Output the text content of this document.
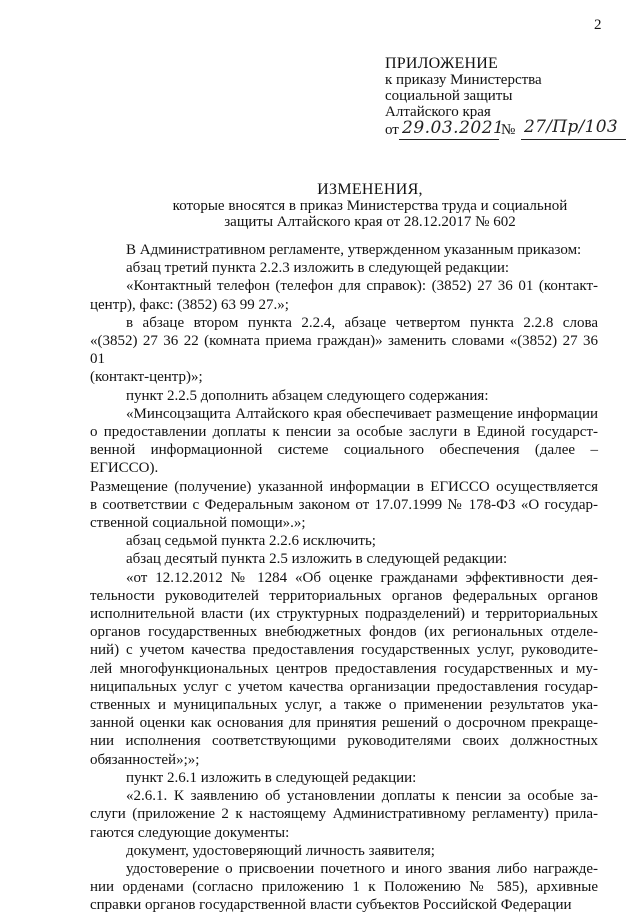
2
ПРИЛОЖЕНИЕ
к приказу Министерства
социальной защиты
Алтайского края
от 29.03.2021
№ 27/Пр/103
ИЗМЕНЕНИЯ,
которые вносятся в приказ Министерства труда и социальной
защиты Алтайского края от 28.12.2017 № 602
В Административном регламенте, утвержденном указанным приказом:
абзац третий пункта 2.2.3 изложить в следующей редакции:
«Контактный телефон (телефон для справок): (3852) 27 36 01 (контакт-
центр), факс: (3852) 63 99 27.»;
в абзаце втором пункта 2.2.4, абзаце четвертом пункта 2.2.8 слова
«(3852) 27 36 22 (комната приема граждан)» заменить словами «(3852) 27 36 01
(контакт-центр)»;
пункт 2.2.5 дополнить абзацем следующего содержания:
«Минсоцзащита Алтайского края обеспечивает размещение информации
о предоставлении доплаты к пенсии за особые заслуги в Единой государст-
венной информационной системе социального обеспечения (далее – ЕГИССО).
Размещение (получение) указанной информации в ЕГИССО осуществляется
в соответствии с Федеральным законом от 17.07.1999 № 178-ФЗ «О государ-
ственной социальной помощи».»;
абзац седьмой пункта 2.2.6 исключить;
абзац десятый пункта 2.5 изложить в следующей редакции:
«от 12.12.2012 № 1284 «Об оценке гражданами эффективности дея-
тельности руководителей территориальных органов федеральных органов
исполнительной власти (их структурных подразделений) и территориальных
органов государственных внебюджетных фондов (их региональных отделе-
ний) с учетом качества предоставления государственных услуг, руководите-
лей многофункциональных центров предоставления государственных и му-
ниципальных услуг с учетом качества организации предоставления государ-
ственных и муниципальных услуг, а также о применении результатов ука-
занной оценки как основания для принятия решений о досрочном прекраще-
нии исполнения соответствующими руководителями своих должностных
обязанностей»;»;
пункт 2.6.1 изложить в следующей редакции:
«2.6.1. К заявлению об установлении доплаты к пенсии за особые за-
слуги (приложение 2 к настоящему Административному регламенту) прила-
гаются следующие документы:
документ, удостоверяющий личность заявителя;
удостоверение о присвоении почетного и иного звания либо награжде-
нии орденами (согласно приложению 1 к Положению № 585), архивные
справки органов государственной власти субъектов Российской Федерации
